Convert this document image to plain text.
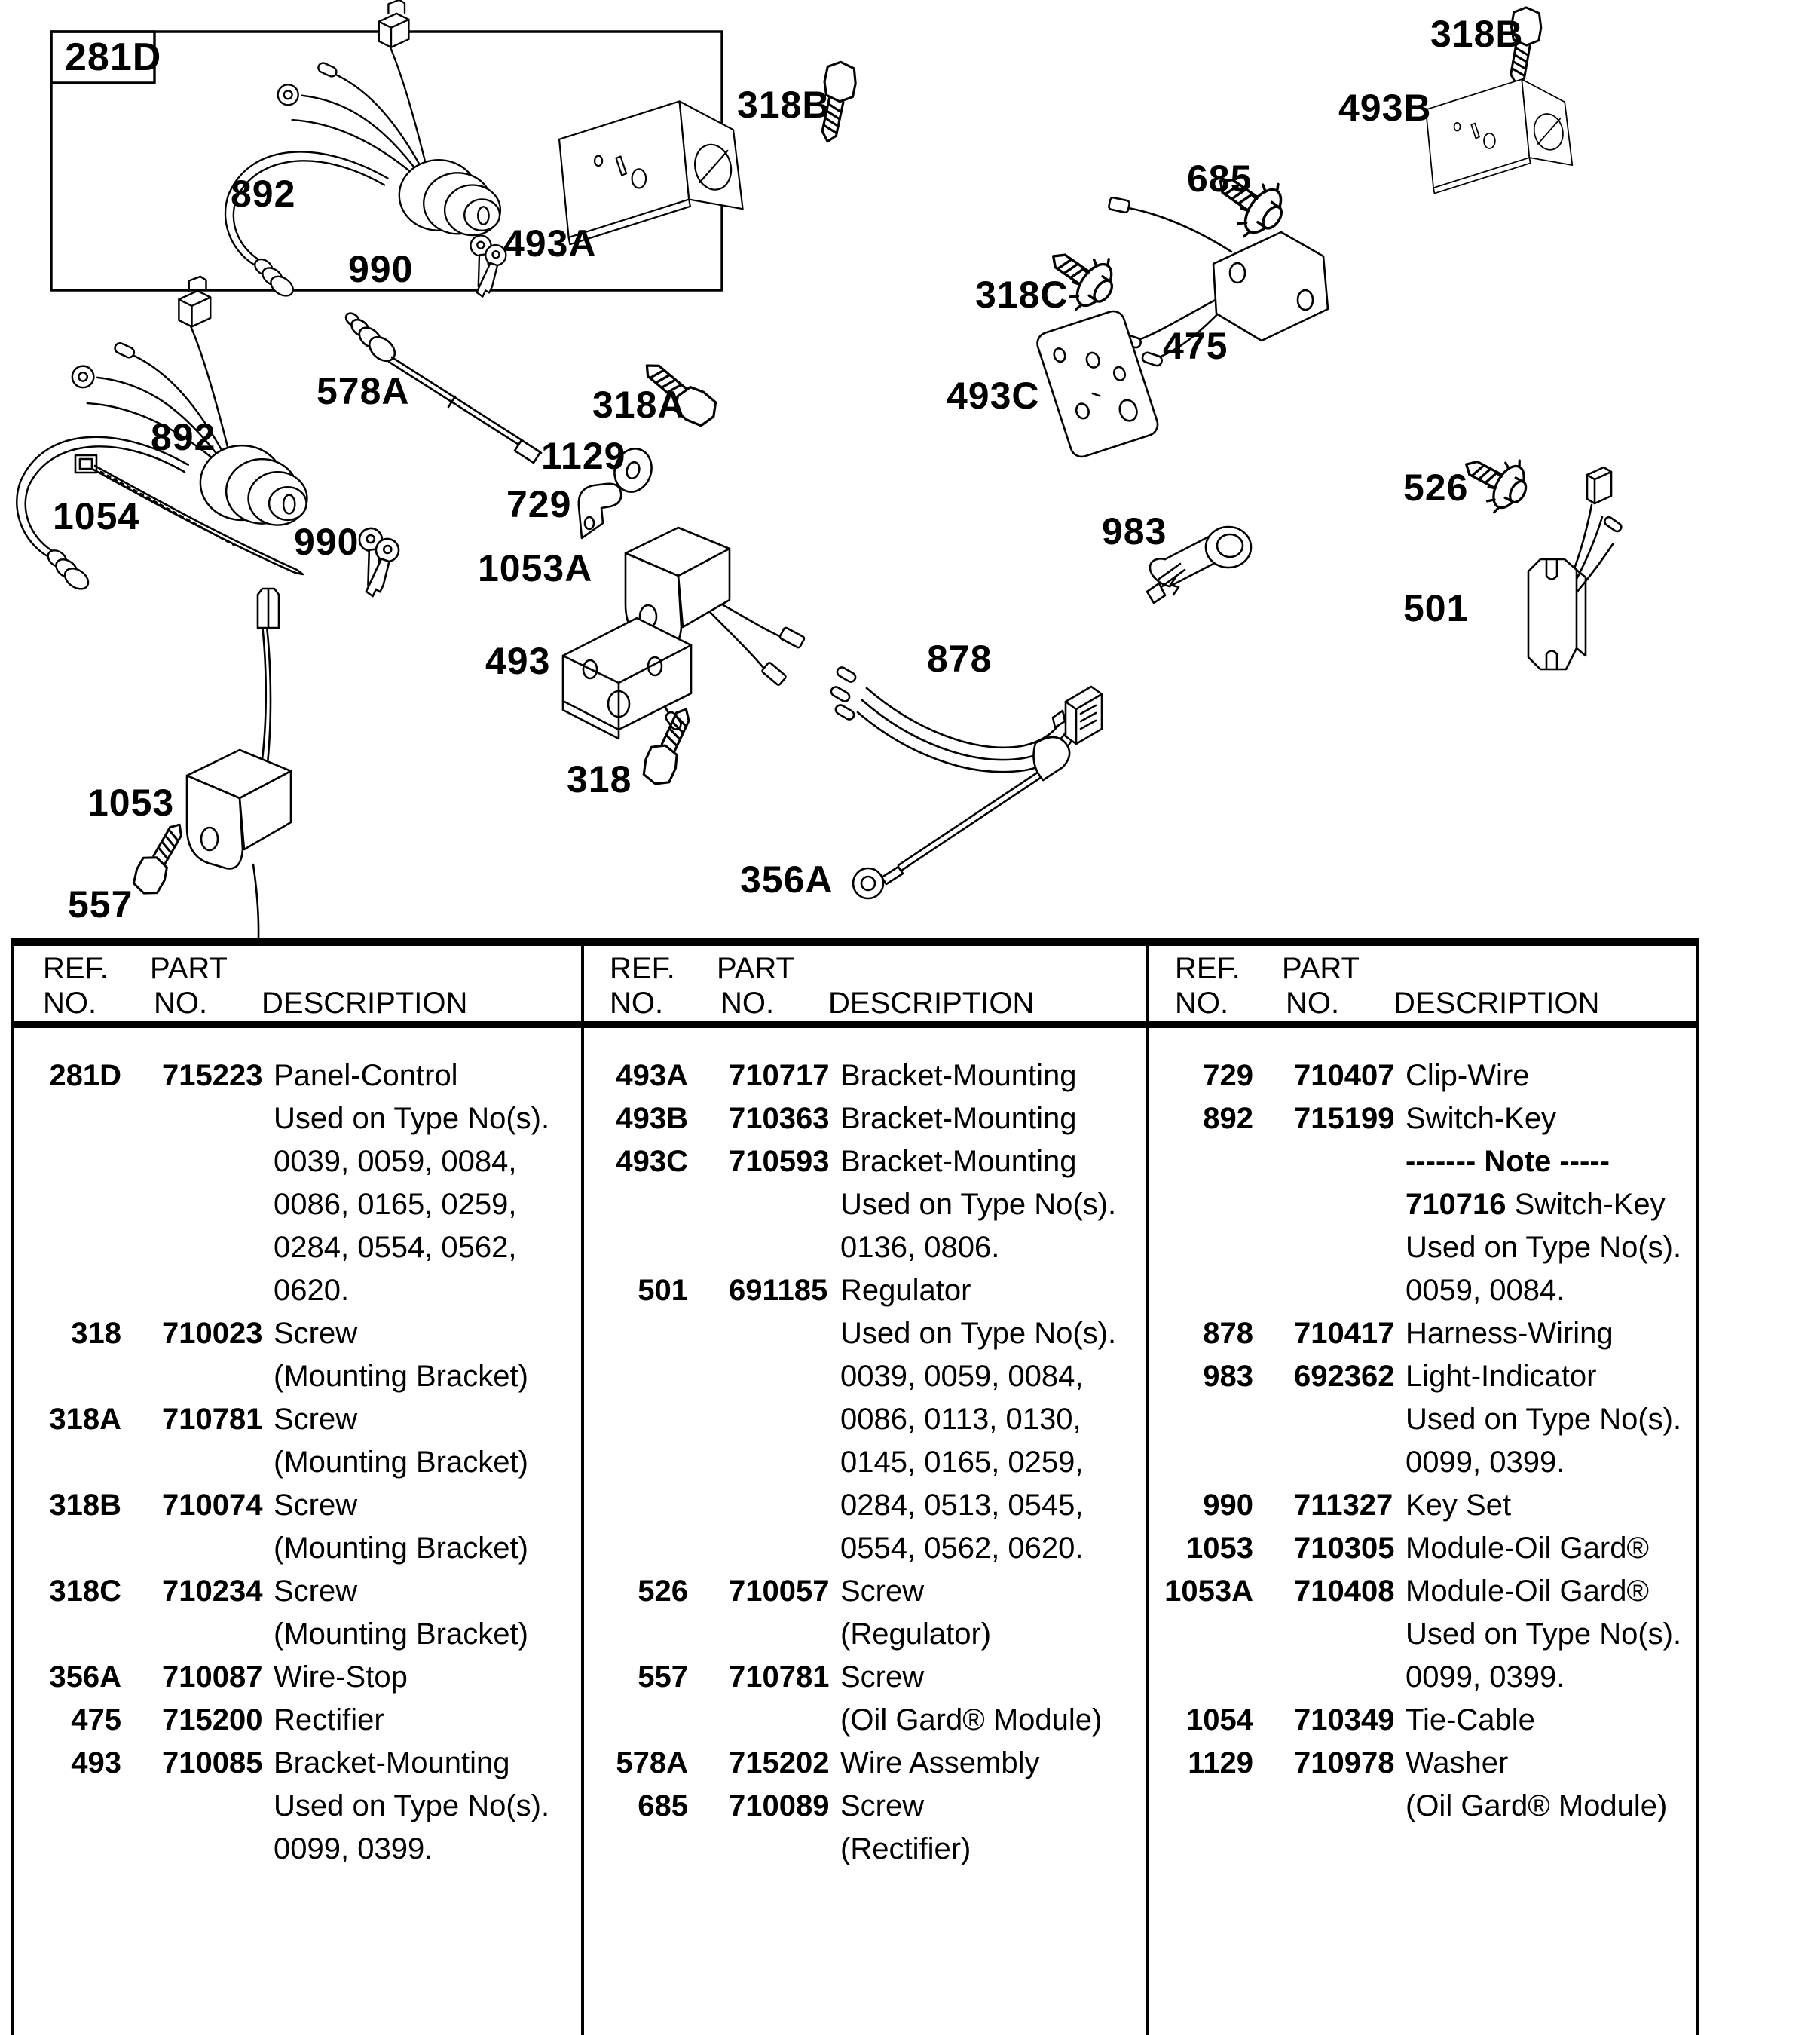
281D
892
990
493A
318B
318B
493B
685
318C
475
493C
526
983
501
578A
892
1054
990
318A
1129
729
1053A
493
318
878
356A
1053
557
REF.
NO.
PART
NO. DESCRIPTION
281D 715223 Panel-Control
Used on Type No(s).
0039, 0059, 0084,
0086, 0165, 0259,
0284, 0554, 0562,
0620.
318 710023 Screw
(Mounting Bracket)
318A 710781 Screw
(Mounting Bracket)
318B 710074 Screw
(Mounting Bracket)
318C 710234 Screw
(Mounting Bracket)
356A 710087 Wire-Stop
475 715200 Rectifier
493 710085 Bracket-Mounting
Used on Type No(s).
0099, 0399.
REF.
NO.
PART
NO. DESCRIPTION
493A 710717 Bracket-Mounting
493B 710363 Bracket-Mounting
493C 710593 Bracket-Mounting
Used on Type No(s).
0136, 0806.
501 691185 Regulator
Used on Type No(s).
0039, 0059, 0084,
0086, 0113, 0130,
0145, 0165, 0259,
0284, 0513, 0545,
0554, 0562, 0620.
526 710057 Screw
(Regulator)
557 710781 Screw
(Oil Gard® Module)
578A 715202 Wire Assembly
685 710089 Screw
(Rectifier)
REF.
NO.
PART
NO. DESCRIPTION
729 710407 Clip-Wire
892 715199 Switch-Key
------- Note -----
710716 Switch-Key
Used on Type No(s).
0059, 0084.
878 710417 Harness-Wiring
983 692362 Light-Indicator
Used on Type No(s).
0099, 0399.
990 711327 Key Set
1053 710305 Module-Oil Gard®
1053A 710408 Module-Oil Gard®
Used on Type No(s).
0099, 0399.
1054 710349 Tie-Cable
1129 710978 Washer
(Oil Gard® Module)
